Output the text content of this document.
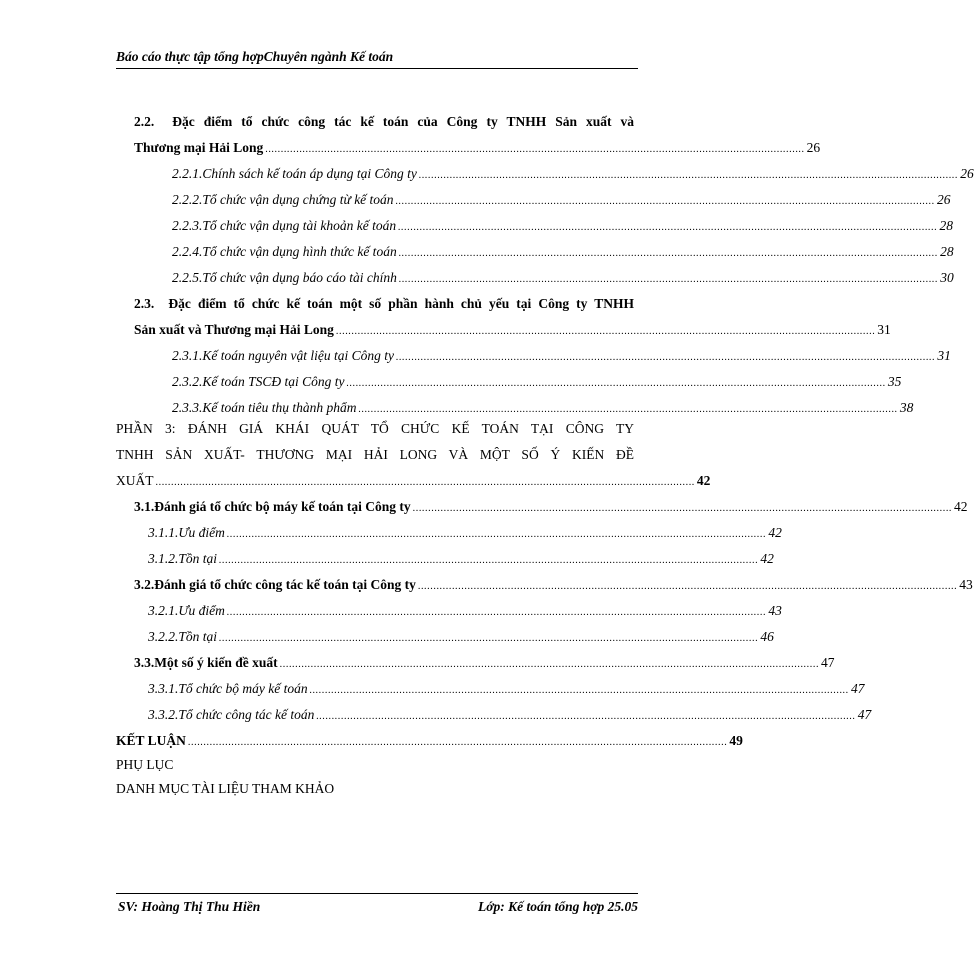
Báo cáo thực tập tổng hợpChuyên ngành Kế toán
2.2. Đặc điểm tổ chức công tác kế toán của Công ty TNHH Sản xuất và
Thương mại Hải Long .............................................................................................................................................................................. 26
2.2.1. Chính sách kế toán áp dụng tại Công ty .............................................................................................................................................................................. 26
2.2.2. Tổ chức vận dụng chứng từ kế toán .............................................................................................................................................................................. 26
2.2.3. Tổ chức vận dụng tài khoản kế toán .............................................................................................................................................................................. 28
2.2.4. Tổ chức vận dụng hình thức kế toán .............................................................................................................................................................................. 28
2.2.5. Tổ chức vận dụng báo cáo tài chính .............................................................................................................................................................................. 30
2.3. Đặc điểm tổ chức kế toán một số phần hành chủ yếu tại Công ty TNHH
Sản xuất và Thương mại Hải Long .............................................................................................................................................................................. 31
2.3.1. Kế toán nguyên vật liệu tại Công ty .............................................................................................................................................................................. 31
2.3.2. Kế toán TSCĐ tại Công ty .............................................................................................................................................................................. 35
2.3.3. Kế toán tiêu thụ thành phẩm .............................................................................................................................................................................. 38
PHẦN 3: ĐÁNH GIÁ KHÁI QUÁT TỔ CHỨC KẾ TOÁN TẠI CÔNG TY
TNHH SẢN XUẤT- THƯƠNG MẠI HẢI LONG VÀ MỘT SỐ Ý KIẾN ĐỀ
XUẤT .............................................................................................................................................................................. 42
3.1. Đánh giá tổ chức bộ máy kế toán tại Công ty .............................................................................................................................................................................. 42
3.1.1. Ưu điểm .............................................................................................................................................................................. 42
3.1.2. Tồn tại .............................................................................................................................................................................. 42
3.2. Đánh giá tổ chức công tác kế toán tại Công ty .............................................................................................................................................................................. 43
3.2.1. Ưu điểm .............................................................................................................................................................................. 43
3.2.2. Tồn tại .............................................................................................................................................................................. 46
3.3. Một số ý kiến đề xuất .............................................................................................................................................................................. 47
3.3.1. Tổ chức bộ máy kế toán .............................................................................................................................................................................. 47
3.3.2. Tổ chức công tác kế toán .............................................................................................................................................................................. 47
KẾT LUẬN .............................................................................................................................................................................. 49
PHỤ LỤC
DANH MỤC TÀI LIỆU THAM KHẢO
SV: Hoàng Thị Thu Hiền	Lớp: Kế toán tổng hợp 25.05
